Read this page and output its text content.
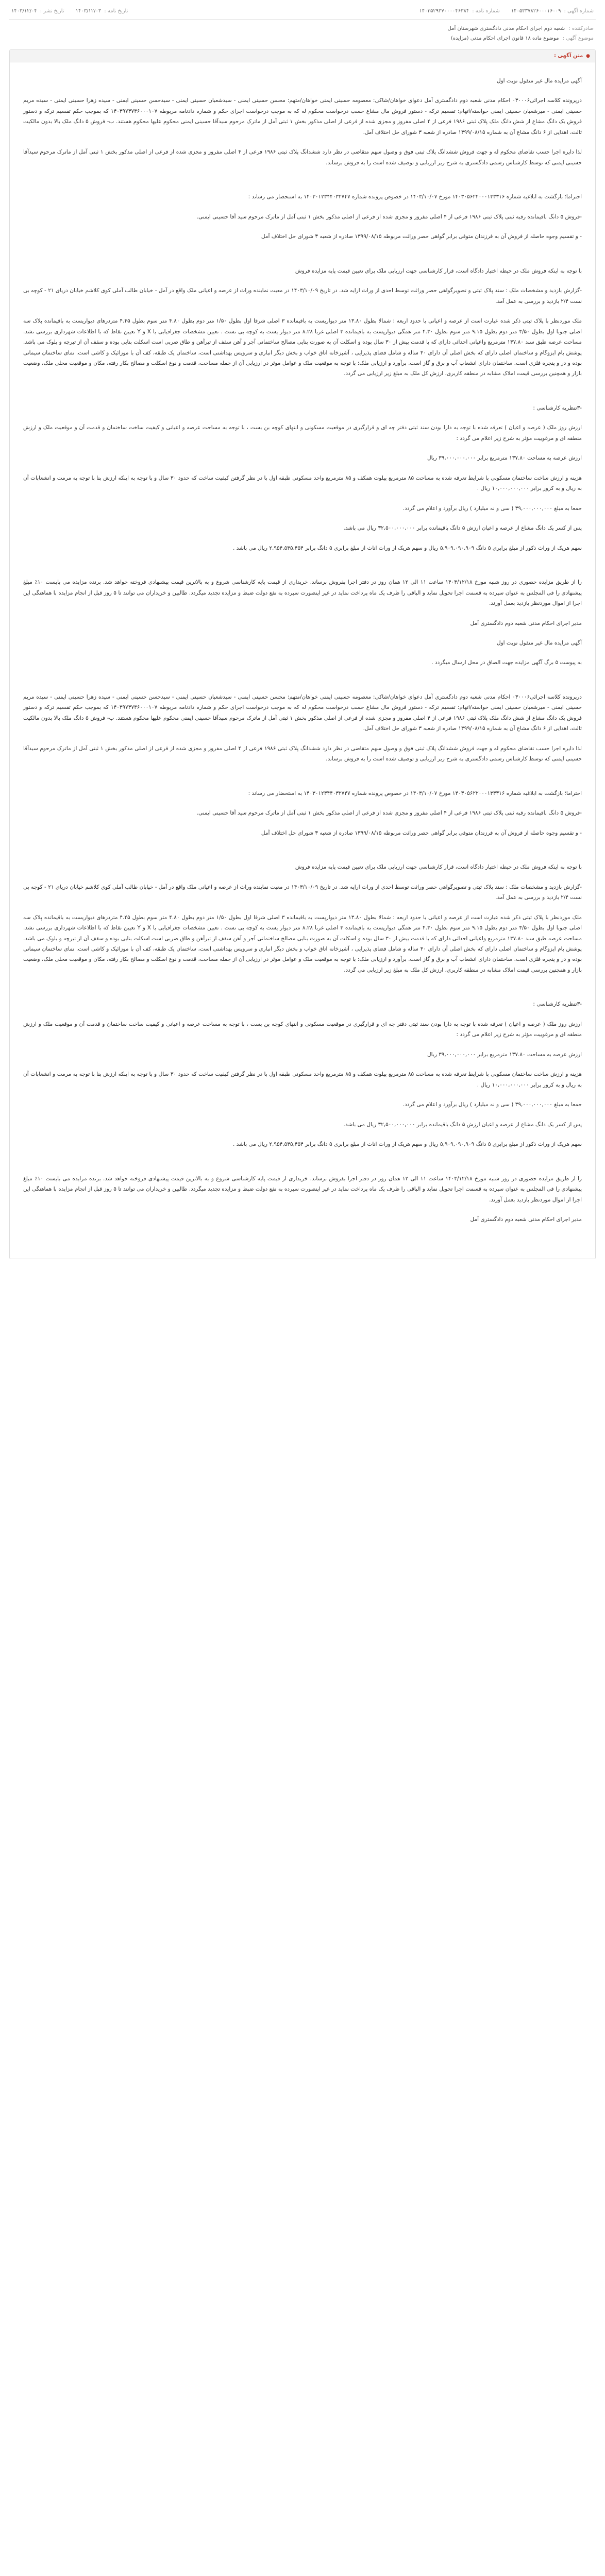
شماره آگهی :
۱۴۰۵۳۳۷۸۲۶۰۰۰۱۶۰۰۹
شماره نامه :
۱۴۰۳۵۲۹۳۷۰۰۰۰۴۶۳۸۴
تاریخ نامه :
۱۴۰۳/۱۲/۰۳
تاریخ نشر :
۱۴۰۳/۱۲/۰۴
صادرکننده : شعبه دوم اجرای احکام مدنی دادگستری شهرستان آمل
موضوع آگهی : موضوع ماده ۱۸ قانون اجرای احکام مدنی (مزایده)
●
متن آگهی :

آگهی مزایده مال غیر منقول نوبت اول

درپرونده کلاسه اجرائی۰۳۰۰۰۶ احکام مدنی شعبه دوم دادگستری آمل دعوای خواهان/شاکی: معصومه حسینی ایمنی خواهان/متهم: محسن حسینی ایمنی - سیدشعبان حسینی ایمنی - سیدحسن حسینی ایمنی - سیده زهرا حسینی ایمنی - سیده مریم حسینی ایمنی - میرشعبان حسینی ایمنی خواسته/اتهام: تقسیم ترکه - دستور فروش مال مشاع حسب درخواست محکوم له که به موجب درخواست اجرای حکم و شماره دادنامه مربوطه ۱۴۰۳۹۷۳۷۴۶۰۰۰۱۰۷ که بموجب حکم تقسیم ترکه و دستور فروش یک دانگ مشاع از شش دانگ ملک پلاک ثبتی ۱۹۸۶ فرعی از ۴ اصلی مفروز و مجزی شده از فرعی از اصلی مذکور بخش ۱ ثبتی آمل از ماترک مرحوم سیدآقا حسینی ایمنی محکوم علیها محکوم هستند. ب- فروش ۵ دانگ ملک بالا بدون مالکیت ثالث، اهدایی از ۶ دانگ مشاع آن به شماره ۱۳۹۹/۰۸/۱۵ صادره از شعبه ۳ شورای حل اختلاف آمل.

لذا دایره اجرا حسب تقاضای محکوم له و جهت فروش ششدانگ پلاک ثبتی فوق و وصول سهم متقاضی در نظر دارد ششدانگ پلاک ثبتی ۱۹۸۶ فرعی از ۴ اصلی مفروز و مجزی شده از فرعی از اصلی مذکور بخش ۱ ثبتی آمل از ماترک مرحوم سیدآقا حسینی ایمنی که توسط کارشناس رسمی دادگستری به شرح زیر ارزیابی و توصیف شده است را به فروش برساند.

احتراما؛ بازگشت به ابلاغیه شماره ۱۴۰۳۰۵۶۲۲۰۰۰۱۳۳۳۱۶ مورخ ۱۴۰۳/۱۰/۰۷ در خصوص پرونده شماره ۱۴۰۳۰۱۲۳۴۴۰۳۲۷۴۷ به استحضار می رساند :

-فروش ۵ دانگ باقیمانده رقبه ثبتی پلاک ثبتی ۱۹۸۶ فرعی از ۴ اصلی مفروز و مجزی شده از فرعی از اصلی مذکور بخش ۱ ثبتی آمل از ماترک مرحوم سید آقا حسینی ایمنی.

- و تقسیم وجوه حاصله از فروش آن به فرزندان متوفی برابر گواهی حصر وراثت مربوطه ۱۳۹۹/۰۸/۱۵ صادره از شعبه ۳ شورای حل اختلاف آمل

با توجه به اینکه فروش ملک در حیطه اختیار دادگاه است، قرار کارشناسی جهت ارزیابی ملک برای تعیین قیمت پایه مزایده فروش

-گزارش بازدید و مشخصات ملک : سند پلاک ثبتی و تصویرگواهی حصر وراثت توسط احدی از وراث ارایه شد. در تاریخ ۱۴۰۳/۱۰/۰۹ در معیت نماینده وراث از عرصه و اعیانی ملک واقع در آمل - خیابان طالب آملی کوی کلاشم خیابان دریای ۲۱ - کوچه بی نست ۲/۴ بازدید و بررسی به عمل آمد.

ملک موردنظر با پلاک ثبتی ذکر شده عبارت است از عرصه و اعیانی با حدود اربعه : شمالا بطول ۱۳.۸۰ متر دیوارپست به باقیمانده ۳ اصلی شرقا اول بطول ۱/۵۰ متر دوم بطول ۴.۸۰ متر سوم بطول ۴.۴۵ متردرهای دیواریست به باقیمانده پلاک سه اصلی جنوبا اول بطول ۳/۵۰ متر دوم بطول ۹.۱۵ متر سوم بطول ۴.۳۰ متر همگی دیوارپست به باقیمانده ۳ اصلی غربا ۸.۲۸ متر دیوار یست به کوچه بی نست . تعیین مشخصات جغرافیایی با X و Y تعیین نقاط که با اطلاعات شهرداری بررسی نشد. مساحت عرصه طبق سند ۱۳۷.۸۰ مترمربع واعیانی احداثی دارای که با قدمت بیش از ۳۰ سال بوده و اسکلت آن به صورت بنایی مصالح ساختمانی آجر و آهن سقف از تیرآهن و طاق ضربی است اسکلت بنایی بوده و سقف آن از تیرچه و بلوک می باشد. پوشش بام ایزوگام و ساختمان اصلی دارای که بخش اصلی آن دارای ۳۰ ساله و شامل فضای پذیرایی ، آشپزخانه اتاق خواب و بخش دیگر انباری و سرویس بهداشتی است، ساختمان یک طبقه، کف آن با موزائیک و کاشی است. نمای ساختمان سیمانی بوده و در و پنجره فلزی است. ساختمان دارای انشعاب آب و برق و گاز است. برآورد و ارزیابی ملک: با توجه به موقعیت ملک و عوامل موثر در ارزیابی آن از جمله مساحت، قدمت و نوع اسکلت و مصالح بکار رفته، مکان و موقعیت محلی ملک، وضعیت بازار و همچنین بررسی قیمت املاک مشابه در منطقه کاربری، ارزش کل ملک به مبلغ زیر ارزیابی می گردد.

-۳تنظریه کارشناسی :

ارزش روز ملک ( عرصه و اعیان ) تعرفه شده با توجه به دارا بودن سند ثبتی دفتر چه ای و قرارگیری در موقعیت مسکونی و انتهای کوچه بن بست ، با توجه به مساحت عرصه و اعیانی و کیفیت ساخت ساختمان و قدمت آن و موقعیت ملک و ارزش منطقه ای و مرغوبیت مؤثر به شرح زیر اعلام می گردد :

ارزش عرصه به مساحت ۱۳۷.۸۰ مترمربع برابر ۳۹,۰۰۰,۰۰۰,۰۰۰ ریال

هزینه و ارزش ساخت ساختمان مسکونی با شرایط تعرفه شده به مساحت ۸۵ مترمربع پیلوت همکف و ۸۵ مترمربع واحد مسکونی طبقه اول با در نظر گرفتن کیفیت ساخت که حدود ۳۰ سال و با توجه به اینکه ارزش بنا با توجه به مرمت و انشعابات آن به ریال و به کرور برابر ۱۰,۰۰۰,۰۰۰,۰۰۰ ریال .

جمعا به مبلغ ۳۹,۰۰۰,۰۰۰,۰۰۰ ( سی و نه میلیارد ) ریال برآورد و اعلام می گردد.

پس از کسر یک دانگ مشاع از عرصه و اعیان ارزش ۵ دانگ باقیمانده برابر ۳۲,۵۰۰,۰۰۰,۰۰۰ ریال می باشد.

سهم هریک از وراث ذکور از مبلغ برابری ۵ دانگ ۵,۹۰۹,۰۹۰,۹۰۹ ریال و سهم هریک از وراث اناث از مبلغ برابری ۵ دانگ برابر ۲,۹۵۴,۵۴۵,۴۵۴ ریال می باشد .

را از طریق مزایده حضوری در روز شنبه مورخ ۱۴۰۳/۱۲/۱۸ ساعت ۱۱ الی ۱۲ همان روز در دفتر اجرا بفروش برساند. خریداری از قیمت پایه کارشناسی شروع و به بالاترین قیمت پیشنهادی فروخته خواهد شد. برنده مزایده می بایست ۱۰٪ مبلغ پیشنهادی را فی المجلس به عنوان سپرده به قسمت اجرا تحویل نماید و الباقی را ظرف یک ماه پرداخت نماید در غیر اینصورت سپرده به نفع دولت ضبط و مزایده تجدید میگردد. طالبین و خریداران می توانند تا ۵ روز قبل از انجام مزایده با هماهنگی این اجرا از اموال موردنظر بازدید بعمل آورند.

مدیر اجرای احکام مدنی شعبه دوم دادگستری آمل

آگهی مزایده مال غیر منقول نوبت اول

به پیوست ۵ برگ آگهی مزایده جهت الصاق در محل ارسال میگردد .

درپرونده کلاسه اجرائی۰۳۰۰۰۶ احکام مدنی شعبه دوم دادگستری آمل دعوای خواهان/شاکی: معصومه حسینی ایمنی خواهان/متهم: محسن حسینی ایمنی - سیدشعبان حسینی ایمنی - سیدحسن حسینی ایمنی - سیده زهرا حسینی ایمنی - سیده مریم حسینی ایمنی - میرشعبان حسینی ایمنی خواسته/اتهام: تقسیم ترکه - دستور فروش مال مشاع حسب درخواست محکوم له که به موجب درخواست اجرای حکم و شماره دادنامه مربوطه ۱۴۰۳۹۷۳۷۴۶۰۰۰۱۰۷ که بموجب حکم تقسیم ترکه و دستور فروش یک دانگ مشاع از شش دانگ ملک پلاک ثبتی ۱۹۸۶ فرعی از ۴ اصلی مفروز و مجزی شده از فرعی از اصلی مذکور بخش ۱ ثبتی آمل از ماترک مرحوم سیدآقا حسینی ایمنی محکوم علیها محکوم هستند. ب- فروش ۵ دانگ ملک بالا بدون مالکیت ثالث، اهدایی از ۶ دانگ مشاع آن به شماره ۱۳۹۹/۰۸/۱۵ صادره از شعبه ۳ شورای حل اختلاف آمل.

لذا دایره اجرا حسب تقاضای محکوم له و جهت فروش ششدانگ پلاک ثبتی فوق و وصول سهم متقاضی در نظر دارد ششدانگ پلاک ثبتی ۱۹۸۶ فرعی از ۴ اصلی مفروز و مجزی شده از فرعی از اصلی مذکور بخش ۱ ثبتی آمل از ماترک مرحوم سیدآقا حسینی ایمنی که توسط کارشناس رسمی دادگستری به شرح زیر ارزیابی و توصیف شده است را به فروش برساند.

احتراما؛ بازگشت به ابلاغیه شماره ۱۴۰۳۰۵۶۲۲۰۰۰۱۳۳۳۱۶ مورخ ۱۴۰۳/۱۰/۰۷ در خصوص پرونده شماره ۱۴۰۳۰۱۲۳۴۴۰۳۲۷۴۷ به استحضار می رساند :

-فروش ۵ دانگ باقیمانده رقبه ثبتی پلاک ثبتی ۱۹۸۶ فرعی از ۴ اصلی مفروز و مجزی شده از فرعی از اصلی مذکور بخش ۱ ثبتی آمل از ماترک مرحوم سید آقا حسینی ایمنی.

- و تقسیم وجوه حاصله از فروش آن به فرزندان متوفی برابر گواهی حصر وراثت مربوطه ۱۳۹۹/۰۸/۱۵ صادره از شعبه ۳ شورای حل اختلاف آمل

با توجه به اینکه فروش ملک در حیطه اختیار دادگاه است، قرار کارشناسی جهت ارزیابی ملک برای تعیین قیمت پایه مزایده فروش

-گزارش بازدید و مشخصات ملک : سند پلاک ثبتی و تصویرگواهی حصر وراثت توسط احدی از وراث ارایه شد. در تاریخ ۱۴۰۳/۱۰/۰۹ در معیت نماینده وراث از عرصه و اعیانی ملک واقع در آمل - خیابان طالب آملی کوی کلاشم خیابان دریای ۲۱ - کوچه بی نست ۲/۴ بازدید و بررسی به عمل آمد.

ملک موردنظر با پلاک ثبتی ذکر شده عبارت است از عرصه و اعیانی با حدود اربعه : شمالا بطول ۱۳.۸۰ متر دیوارپست به باقیمانده ۳ اصلی شرقا اول بطول ۱/۵۰ متر دوم بطول ۴.۸۰ متر سوم بطول ۴.۴۵ متردرهای دیواریست به باقیمانده پلاک سه اصلی جنوبا اول بطول ۳/۵۰ متر دوم بطول ۹.۱۵ متر سوم بطول ۴.۳۰ متر همگی دیوارپست به باقیمانده ۳ اصلی غربا ۸.۲۸ متر دیوار یست به کوچه بی نست . تعیین مشخصات جغرافیایی با X و Y تعیین نقاط که با اطلاعات شهرداری بررسی نشد. مساحت عرصه طبق سند ۱۳۷.۸۰ مترمربع واعیانی احداثی دارای که با قدمت بیش از ۳۰ سال بوده و اسکلت آن به صورت بنایی مصالح ساختمانی آجر و آهن سقف از تیرآهن و طاق ضربی است اسکلت بنایی بوده و سقف آن از تیرچه و بلوک می باشد. پوشش بام ایزوگام و ساختمان اصلی دارای که بخش اصلی آن دارای ۳۰ ساله و شامل فضای پذیرایی ، آشپزخانه اتاق خواب و بخش دیگر انباری و سرویس بهداشتی است، ساختمان یک طبقه، کف آن با موزائیک و کاشی است. نمای ساختمان سیمانی بوده و در و پنجره فلزی است. ساختمان دارای انشعاب آب و برق و گاز است. برآورد و ارزیابی ملک: با توجه به موقعیت ملک و عوامل موثر در ارزیابی آن از جمله مساحت، قدمت و نوع اسکلت و مصالح بکار رفته، مکان و موقعیت محلی ملک، وضعیت بازار و همچنین بررسی قیمت املاک مشابه در منطقه کاربری، ارزش کل ملک به مبلغ زیر ارزیابی می گردد.

-۳تنظریه کارشناسی :

ارزش روز ملک ( عرصه و اعیان ) تعرفه شده با توجه به دارا بودن سند ثبتی دفتر چه ای و قرارگیری در موقعیت مسکونی و انتهای کوچه بن بست ، با توجه به مساحت عرصه و اعیانی و کیفیت ساخت ساختمان و قدمت آن و موقعیت ملک و ارزش منطقه ای و مرغوبیت مؤثر به شرح زیر اعلام می گردد :

ارزش عرصه به مساحت ۱۳۷.۸۰ مترمربع برابر ۳۹,۰۰۰,۰۰۰,۰۰۰ ریال

هزینه و ارزش ساخت ساختمان مسکونی با شرایط تعرفه شده به مساحت ۸۵ مترمربع پیلوت همکف و ۸۵ مترمربع واحد مسکونی طبقه اول با در نظر گرفتن کیفیت ساخت که حدود ۳۰ سال و با توجه به اینکه ارزش بنا با توجه به مرمت و انشعابات آن به ریال و به کرور برابر ۱۰,۰۰۰,۰۰۰,۰۰۰ ریال .

جمعا به مبلغ ۳۹,۰۰۰,۰۰۰,۰۰۰ ( سی و نه میلیارد ) ریال برآورد و اعلام می گردد.

پس از کسر یک دانگ مشاع از عرصه و اعیان ارزش ۵ دانگ باقیمانده برابر ۳۲,۵۰۰,۰۰۰,۰۰۰ ریال می باشد.

سهم هریک از وراث ذکور از مبلغ برابری ۵ دانگ ۵,۹۰۹,۰۹۰,۹۰۹ ریال و سهم هریک از وراث اناث از مبلغ برابری ۵ دانگ برابر ۲,۹۵۴,۵۴۵,۴۵۴ ریال می باشد .

را از طریق مزایده حضوری در روز شنبه مورخ ۱۴۰۳/۱۲/۱۸ ساعت ۱۱ الی ۱۲ همان روز در دفتر اجرا بفروش برساند. خریداری از قیمت پایه کارشناسی شروع و به بالاترین قیمت پیشنهادی فروخته خواهد شد. برنده مزایده می بایست ۱۰٪ مبلغ پیشنهادی را فی المجلس به عنوان سپرده به قسمت اجرا تحویل نماید و الباقی را ظرف یک ماه پرداخت نماید در غیر اینصورت سپرده به نفع دولت ضبط و مزایده تجدید میگردد. طالبین و خریداران می توانند تا ۵ روز قبل از انجام مزایده با هماهنگی این اجرا از اموال موردنظر بازدید بعمل آورند.

مدیر اجرای احکام مدنی شعبه دوم دادگستری آمل
